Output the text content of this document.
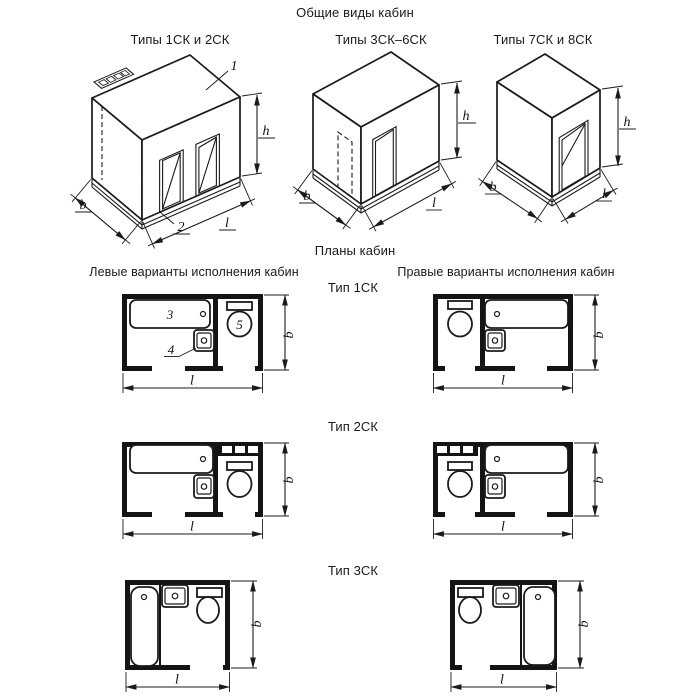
Общие виды кабин
Типы 1СК и 2СК	Типы 3СК–6СК	Типы 7СК и 8СК
Планы кабин
Левые варианты исполнения кабин	Правые варианты исполнения кабин
Тип 1СК
Тип 2СК
Тип 3СК
1
2
h
b
l
h
b	l
h
b	l
3
4
5
b
l
b
l
b
l
b
l
b
l
b
l
